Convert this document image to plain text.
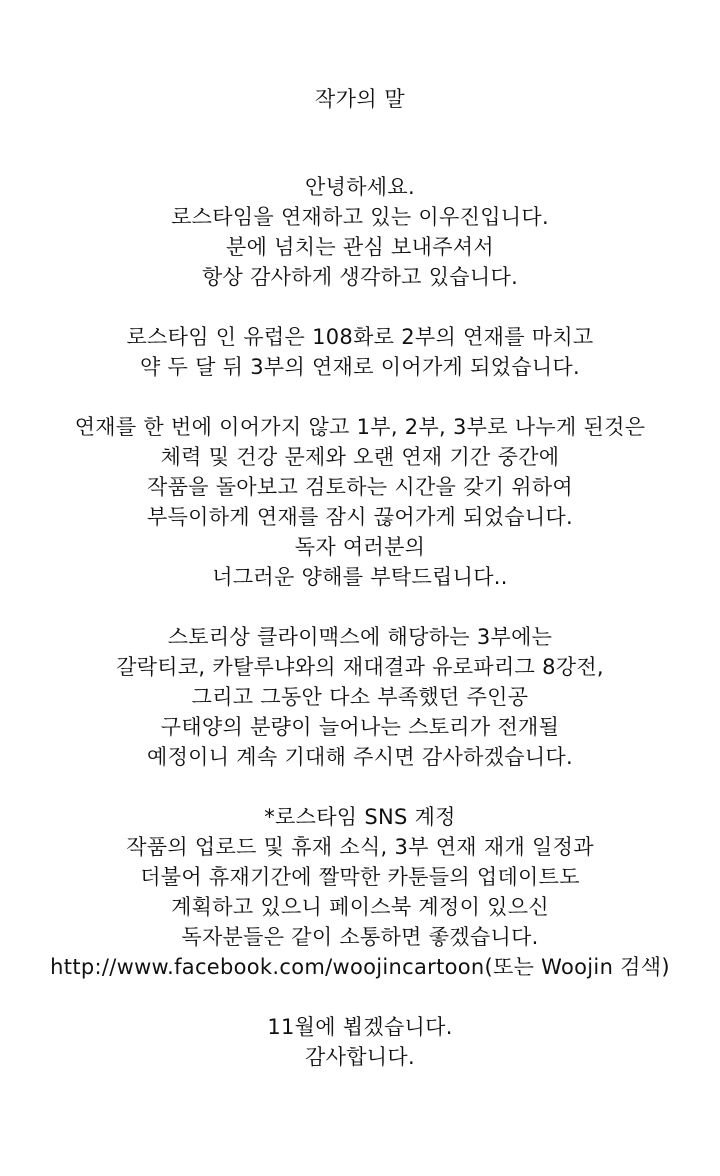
작가의 말
안녕하세요.
로스타임을 연재하고 있는 이우진입니다.
분에 넘치는 관심 보내주셔서
항상 감사하게 생각하고 있습니다.
로스타임 인 유럽은 108화로 2부의 연재를 마치고
약 두 달 뒤 3부의 연재로 이어가게 되었습니다.
연재를 한 번에 이어가지 않고 1부, 2부, 3부로 나누게 된것은
체력 및 건강 문제와 오랜 연재 기간 중간에
작품을 돌아보고 검토하는 시간을 갖기 위하여
부득이하게 연재를 잠시 끊어가게 되었습니다.
독자 여러분의
너그러운 양해를 부탁드립니다..
스토리상 클라이맥스에 해당하는 3부에는
갈락티코, 카탈루냐와의 재대결과 유로파리그 8강전,
그리고 그동안 다소 부족했던 주인공
구태양의 분량이 늘어나는 스토리가 전개될
예정이니 계속 기대해 주시면 감사하겠습니다.
*로스타임 SNS 계정
작품의 업로드 및 휴재 소식, 3부 연재 재개 일정과
더불어 휴재기간에 짤막한 카툰들의 업데이트도
계획하고 있으니 페이스북 계정이 있으신
독자분들은 같이 소통하면 좋겠습니다.
http://www.facebook.com/woojincartoon(또는 Woojin 검색)
11월에 뵙겠습니다.
감사합니다.
